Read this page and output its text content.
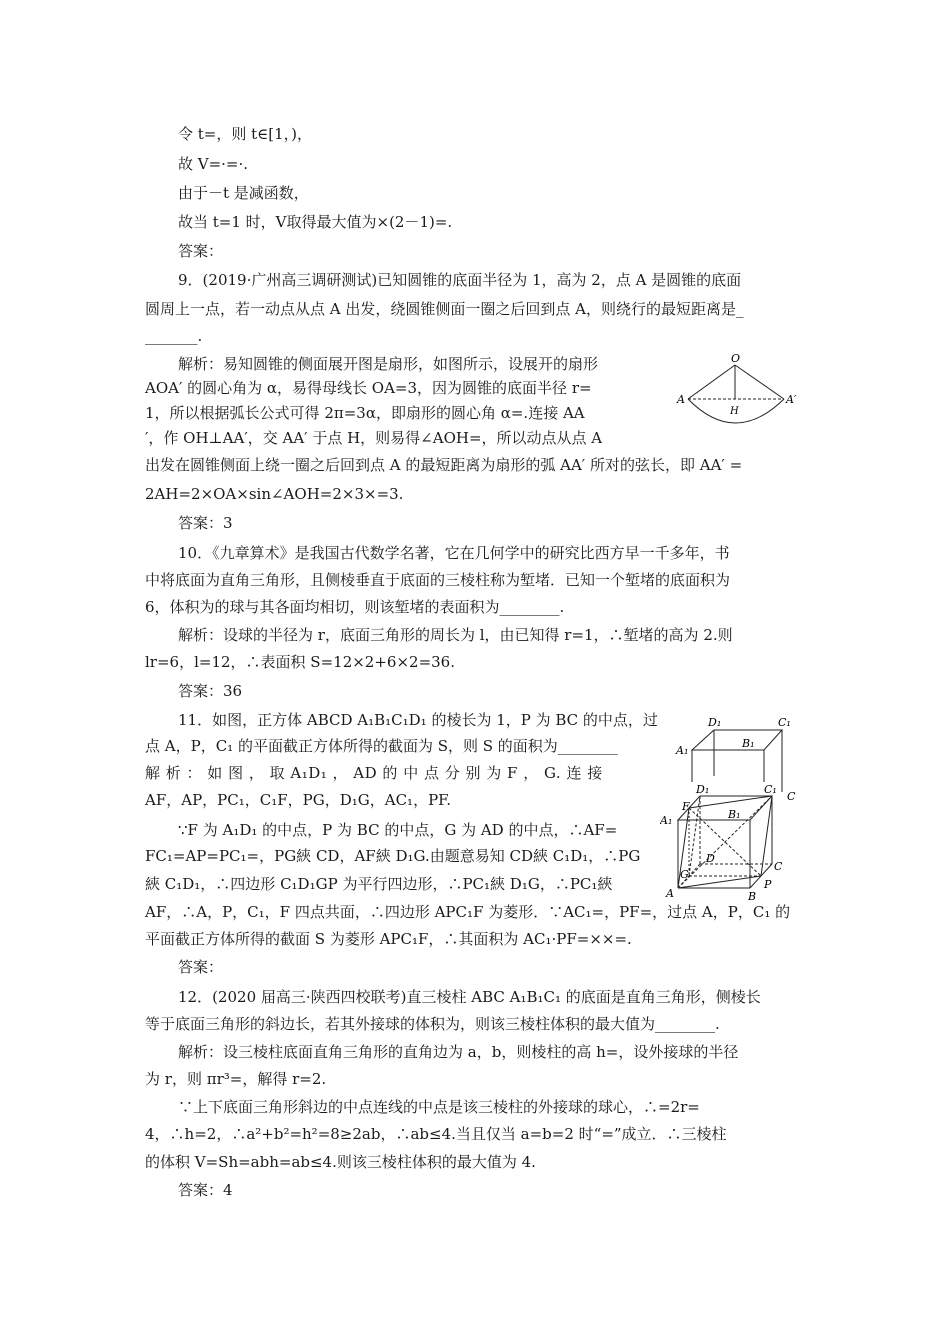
令 t=，则 t∈[1，)，
故 V=·=·.
由于－t 是减函数，
故当 t=1 时，V取得最大值为×(2－1)=.
答案：
9．(2019·广州高三调研测试)已知圆锥的底面半径为 1，高为 2，点 A 是圆锥的底面
圆周上一点，若一动点从点 A 出发，绕圆锥侧面一圈之后回到点 A，则绕行的最短距离是_
_______.
解析：易知圆锥的侧面展开图是扇形，如图所示，设展开的扇形
AOA′ 的圆心角为 α，易得母线长 OA=3，因为圆锥的底面半径 r=
1，所以根据弧长公式可得 2π=3α，即扇形的圆心角 α=.连接 AA
′，作 OH⊥AA′，交 AA′ 于点 H，则易得∠AOH=，所以动点从点 A
出发在圆锥侧面上绕一圈之后回到点 A 的最短距离为扇形的弧 AA′ 所对的弦长，即 AA′ =
2AH=2×OA×sin∠AOH=2×3×=3.
答案：3
10．《九章算术》是我国古代数学名著，它在几何学中的研究比西方早一千多年，书
中将底面为直角三角形，且侧棱垂直于底面的三棱柱称为堑堵．已知一个堑堵的底面积为
6，体积为的球与其各面均相切，则该堑堵的表面积为________.
解析：设球的半径为 r，底面三角形的周长为 l，由已知得 r=1，∴堑堵的高为 2.则
lr=6，l=12，∴表面积 S=12×2+6×2=36.
答案：36
11．如图，正方体 ABCD A₁B₁C₁D₁ 的棱长为 1，P 为 BC 的中点，过
点 A，P，C₁ 的平面截正方体所得的截面为 S，则 S 的面积为________
解 析 ： 如 图 ， 取 A₁D₁ ， AD 的 中 点 分 别 为 F ， G. 连 接
AF，AP，PC₁，C₁F，PG，D₁G，AC₁，PF.
∵F 为 A₁D₁ 的中点，P 为 BC 的中点，G 为 AD 的中点，∴AF=
FC₁=AP=PC₁=，PG綊 CD，AF綊 D₁G.由题意易知 CD綊 C₁D₁，∴PG
綊 C₁D₁，∴四边形 C₁D₁GP 为平行四边形，∴PC₁綊 D₁G，∴PC₁綊
AF，∴A，P，C₁，F 四点共面，∴四边形 APC₁F 为菱形．∵AC₁=，PF=，过点 A，P，C₁ 的
平面截正方体所得的截面 S 为菱形 APC₁F，∴其面积为 AC₁·PF=××=.
答案：
12．(2020 届高三·陕西四校联考)直三棱柱 ABC A₁B₁C₁ 的底面是直角三角形，侧棱长
等于底面三角形的斜边长，若其外接球的体积为，则该三棱柱体积的最大值为________.
解析：设三棱柱底面直角三角形的直角边为 a，b，则棱柱的高 h=，设外接球的半径
为 r，则 πr³=，解得 r=2.
∵上下底面三角形斜边的中点连线的中点是该三棱柱的外接球的球心，∴=2r=
4，∴h=2，∴a²+b²=h²=8≥2ab，∴ab≤4.当且仅当 a=b=2 时“=”成立．∴三棱柱
的体积 V=Sh=abh=ab≤4.则该三棱柱体积的最大值为 4.
答案：4
O
A	A′
H
D₁	C₁
A₁
B₁
C
F
D₁	C₁
A₁	B₁
D
G
C
A	B
P
